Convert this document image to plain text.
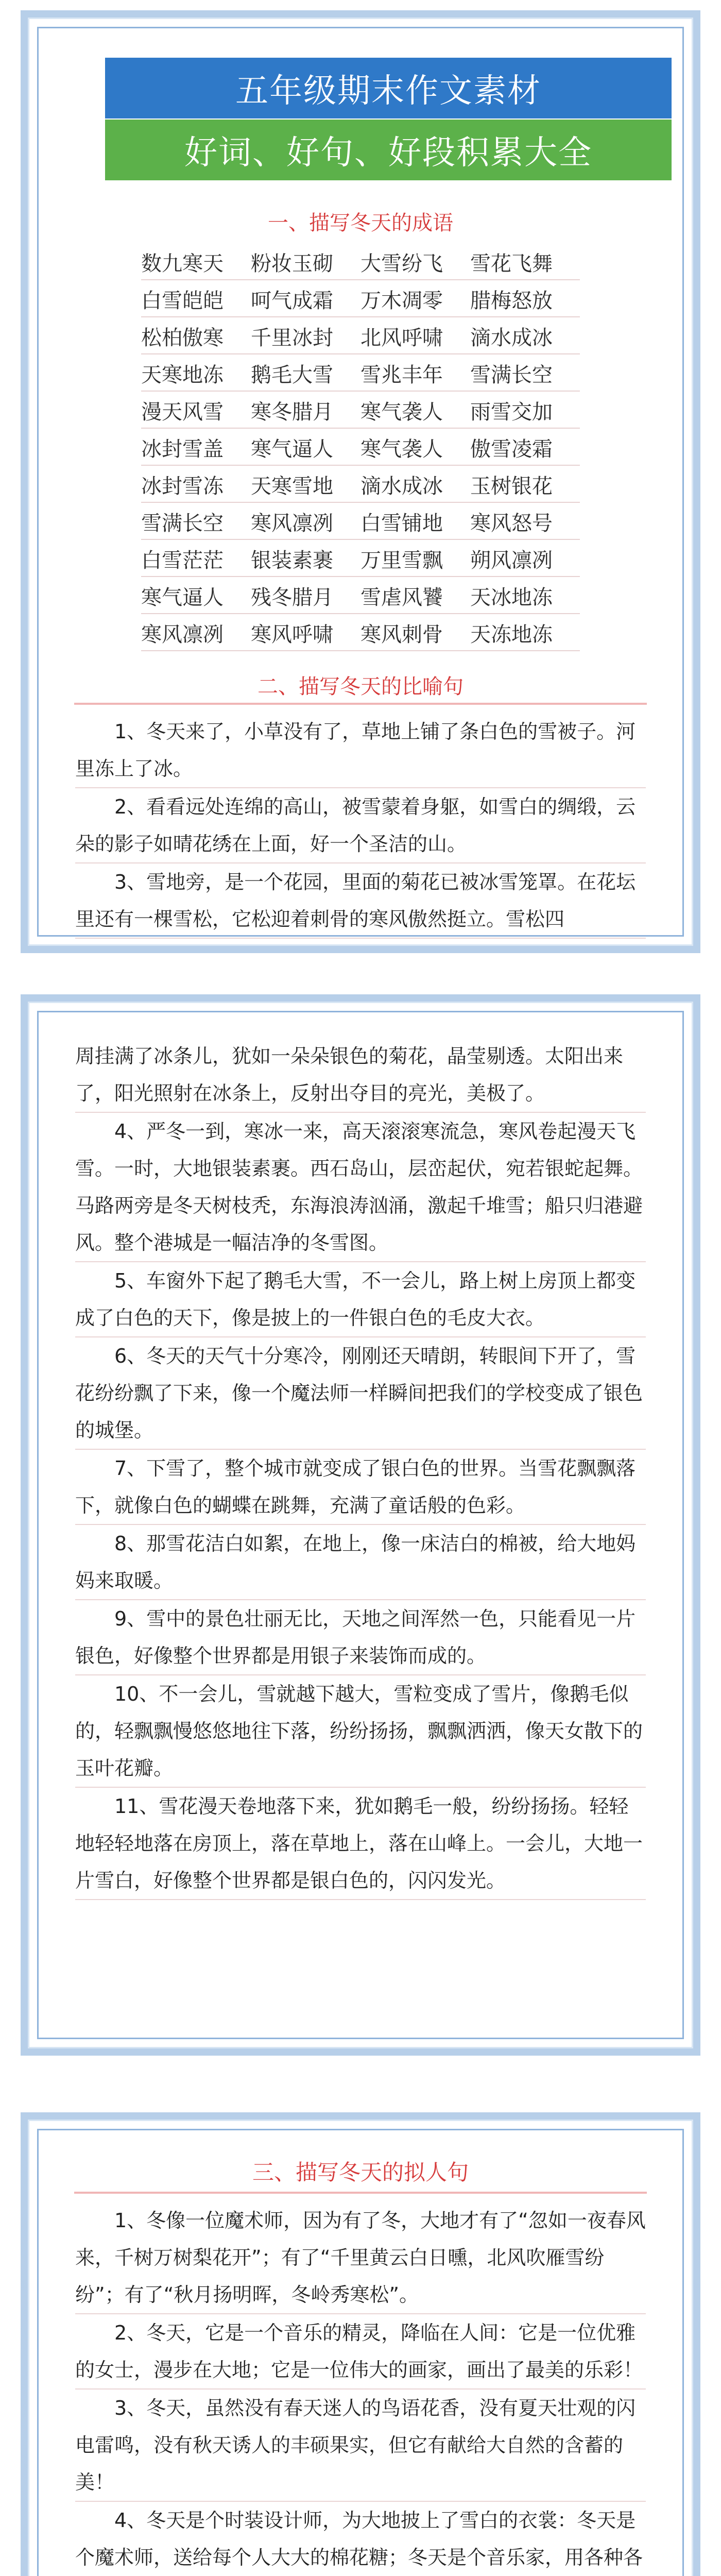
五年级期末作文素材
好词、好句、好段积累大全
一、描写冬天的成语
数九寒天	粉妆玉砌	大雪纷飞	雪花飞舞
白雪皑皑	呵气成霜	万木凋零	腊梅怒放
松柏傲寒	千里冰封	北风呼啸	滴水成冰
天寒地冻	鹅毛大雪	雪兆丰年	雪满长空
漫天风雪	寒冬腊月	寒气袭人	雨雪交加
冰封雪盖	寒气逼人	寒气袭人	傲雪凌霜
冰封雪冻	天寒雪地	滴水成冰	玉树银花
雪满长空	寒风凛冽	白雪铺地	寒风怒号
白雪茫茫	银装素裹	万里雪飘	朔风凛冽
寒气逼人	残冬腊月	雪虐风饕	天冰地冻
寒风凛冽	寒风呼啸	寒风刺骨	天冻地冻
二、描写冬天的比喻句

1、冬天来了，小草没有了，草地上铺了条白色的雪被子。河里冻上了冰。

2、看看远处连绵的高山，被雪蒙着身躯，如雪白的绸缎，云朵的影子如晴花绣在上面，好一个圣洁的山。

3、雪地旁，是一个花园，里面的菊花已被冰雪笼罩。在花坛里还有一棵雪松，它松迎着刺骨的寒风傲然挺立。雪松四

周挂满了冰条儿，犹如一朵朵银色的菊花，晶莹剔透。太阳出来了，阳光照射在冰条上，反射出夺目的亮光，美极了。

4、严冬一到，寒冰一来，高天滚滚寒流急，寒风卷起漫天飞雪。一时，大地银装素裹。西石岛山，层峦起伏，宛若银蛇起舞。马路两旁是冬天树枝秃，东海浪涛汹涌，激起千堆雪；船只归港避风。整个港城是一幅洁净的冬雪图。

5、车窗外下起了鹅毛大雪，不一会儿，路上树上房顶上都变成了白色的天下，像是披上的一件银白色的毛皮大衣。

6、冬天的天气十分寒冷，刚刚还天晴朗，转眼间下开了，雪花纷纷飘了下来，像一个魔法师一样瞬间把我们的学校变成了银色的城堡。

7、下雪了，整个城市就变成了银白色的世界。当雪花飘飘落下，就像白色的蝴蝶在跳舞，充满了童话般的色彩。

8、那雪花洁白如絮，在地上，像一床洁白的棉被，给大地妈妈来取暖。

9、雪中的景色壮丽无比，天地之间浑然一色，只能看见一片银色，好像整个世界都是用银子来装饰而成的。

10、不一会儿，雪就越下越大，雪粒变成了雪片，像鹅毛似的，轻飘飘慢悠悠地往下落，纷纷扬扬，飘飘洒洒，像天女散下的玉叶花瓣。

11、雪花漫天卷地落下来，犹如鹅毛一般，纷纷扬扬。轻轻地轻轻地落在房顶上，落在草地上，落在山峰上。一会儿，大地一片雪白，好像整个世界都是银白色的，闪闪发光。

三、描写冬天的拟人句

1、冬像一位魔术师，因为有了冬，大地才有了“忽如一夜春风来，千树万树梨花开”；有了“千里黄云白日曛，北风吹雁雪纷纷”；有了“秋月扬明晖，冬岭秀寒松”。

2、冬天，它是一个音乐的精灵，降临在人间：它是一位优雅的女士，漫步在大地；它是一位伟大的画家，画出了最美的乐彩！

3、冬天，虽然没有春天迷人的鸟语花香，没有夏天壮观的闪电雷鸣，没有秋天诱人的丰硕果实，但它有献给大自然的含蓄的美！

4、冬天是个时装设计师，为大地披上了雪白的衣裳：冬天是个魔术师，送给每个人大大的棉花糖；冬天是个音乐家，用各种各
